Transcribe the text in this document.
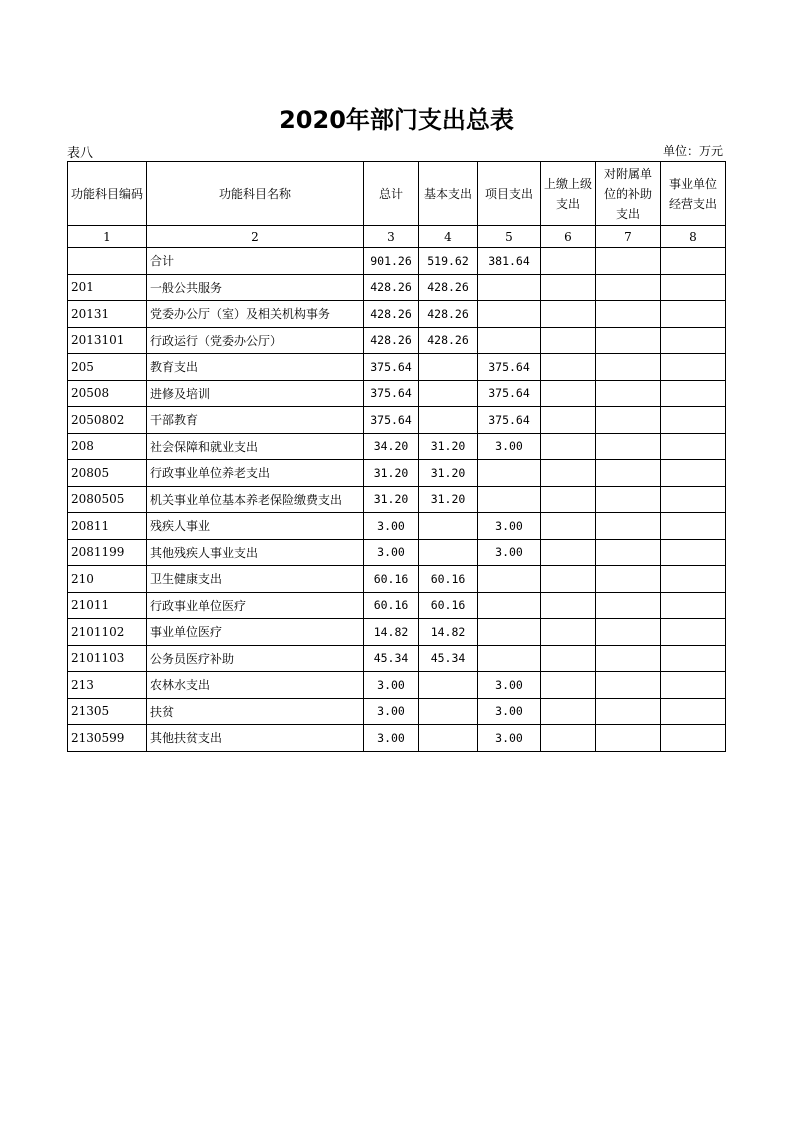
2020年部门支出总表
表八	单位：万元
功能科目编码	功能科目名称	总计	基本支出	项目支出	上缴上级支出	对附属单位的补助支出	事业单位经营支出
1	2	3	4	5	6	7	8
	合计	901.26	519.62	381.64			
201	一般公共服务	428.26	428.26				
20131	党委办公厅（室）及相关机构事务	428.26	428.26				
2013101	行政运行（党委办公厅）	428.26	428.26				
205	教育支出	375.64		375.64			
20508	进修及培训	375.64		375.64			
2050802	干部教育	375.64		375.64			
208	社会保障和就业支出	34.20	31.20	3.00			
20805	行政事业单位养老支出	31.20	31.20				
2080505	机关事业单位基本养老保险缴费支出	31.20	31.20				
20811	残疾人事业	3.00		3.00			
2081199	其他残疾人事业支出	3.00		3.00			
210	卫生健康支出	60.16	60.16				
21011	行政事业单位医疗	60.16	60.16				
2101102	事业单位医疗	14.82	14.82				
2101103	公务员医疗补助	45.34	45.34				
213	农林水支出	3.00		3.00			
21305	扶贫	3.00		3.00			
2130599	其他扶贫支出	3.00		3.00			
